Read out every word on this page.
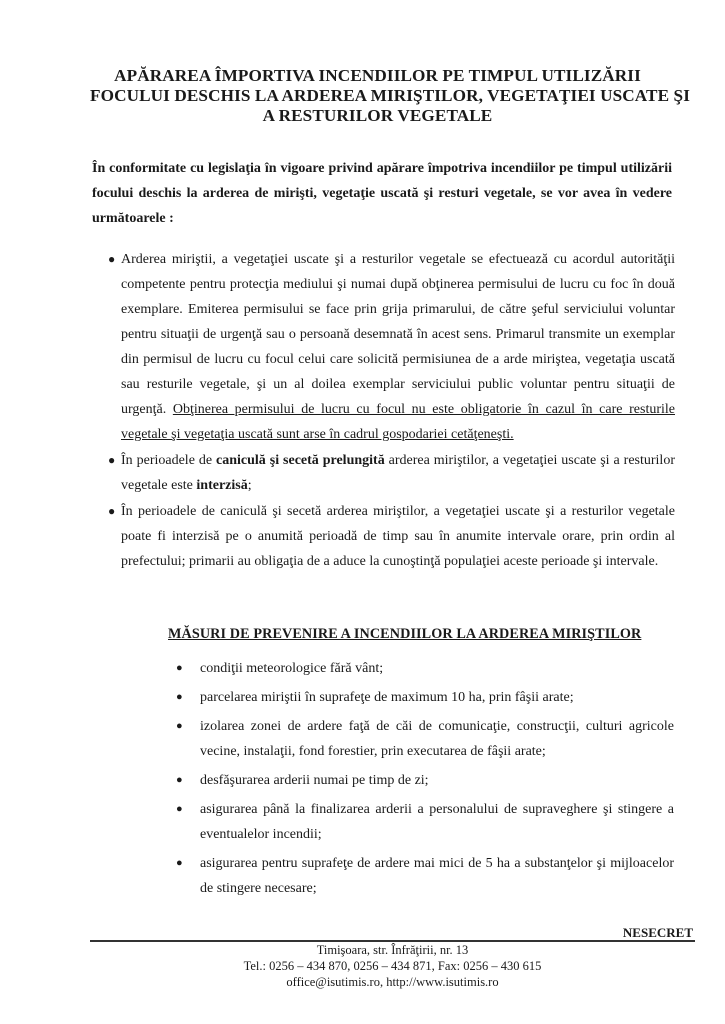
APĂRAREA ÎMPORTIVA INCENDIILOR PE TIMPUL UTILIZĂRII
FOCULUI DESCHIS LA ARDEREA MIRIŞTILOR, VEGETAŢIEI USCATE ŞI
A RESTURILOR VEGETALE
În conformitate cu legislaţia în vigoare privind apărare împotriva incendiilor pe timpul utilizării focului deschis la arderea de mirişti, vegetaţie uscată şi resturi vegetale, se vor avea în vedere următoarele :
● Arderea miriştii, a vegetaţiei uscate şi a resturilor vegetale se efectuează cu acordul autorităţii competente pentru protecţia mediului şi numai după obţinerea permisului de lucru cu foc în două exemplare. Emiterea permisului se face prin grija primarului, de către şeful serviciului voluntar pentru situaţii de urgenţă sau o persoană desemnată în acest sens. Primarul transmite un exemplar din permisul de lucru cu focul celui care solicită permisiunea de a arde miriştea, vegetaţia uscată sau resturile vegetale, şi un al doilea exemplar serviciului public voluntar pentru situaţii de urgenţă. Obţinerea permisului de lucru cu focul nu este obligatorie în cazul în care resturile vegetale şi vegetaţia uscată sunt arse în cadrul gospodariei cetăţeneşti.
● În perioadele de caniculă şi secetă prelungită arderea miriştilor, a vegetaţiei uscate şi a resturilor vegetale este interzisă;
● În perioadele de caniculă şi secetă arderea miriştilor, a vegetaţiei uscate şi a resturilor vegetale poate fi interzisă pe o anumită perioadă de timp sau în anumite intervale orare, prin ordin al prefectului; primarii au obligaţia de a aduce la cunoştinţă populaţiei aceste perioade şi intervale.
MĂSURI DE PREVENIRE A INCENDIILOR LA ARDEREA MIRIŞTILOR
● condiţii meteorologice fără vânt;
● parcelarea miriştii în suprafeţe de maximum 10 ha, prin fâşii arate;
● izolarea zonei de ardere faţă de căi de comunicaţie, construcţii, culturi agricole vecine, instalaţii, fond forestier, prin executarea de fâşii arate;
● desfăşurarea arderii numai pe timp de zi;
● asigurarea până la finalizarea arderii a personalului de supraveghere şi stingere a eventualelor incendii;
● asigurarea pentru suprafeţe de ardere mai mici de 5 ha a substanţelor şi mijloacelor de stingere necesare;
NESECRET
Timişoara, str. Înfrăţirii, nr. 13
Tel.: 0256 – 434 870, 0256 – 434 871, Fax: 0256 – 430 615
office@isutimis.ro, http://www.isutimis.ro
